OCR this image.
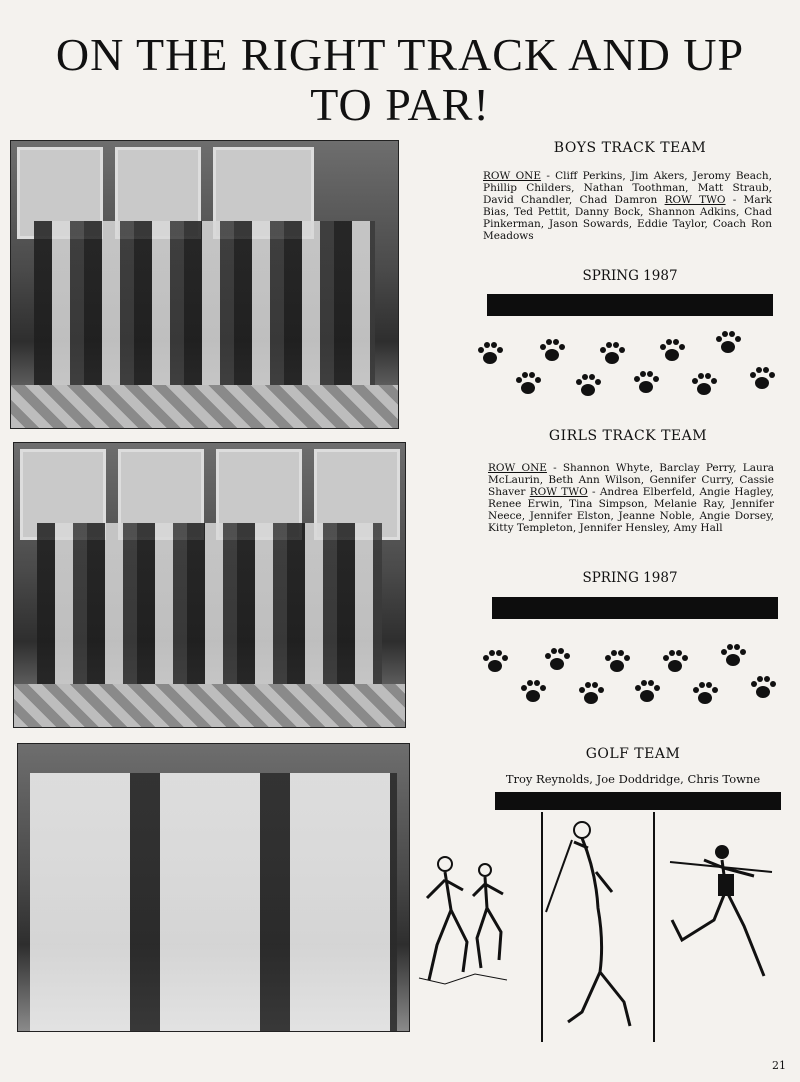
ON THE RIGHT TRACK AND UP
TO PAR!
BOYS TRACK TEAM

ROW ONE - Cliff Perkins, Jim Akers, Jeromy Beach, Phillip Childers, Nathan Toothman, Matt Straub, David Chandler, Chad Damron ROW TWO - Mark Bias, Ted Pettit, Danny Bock, Shannon Adkins, Chad Pinkerman, Jason Sowards, Eddie Taylor, Coach Ron Meadows

SPRING 1987
GIRLS TRACK TEAM

ROW ONE - Shannon Whyte, Barclay Perry, Laura McLaurin, Beth Ann Wilson, Gennifer Curry, Cassie Shaver ROW TWO - Andrea Elberfeld, Angie Hagley, Renee Erwin, Tina Simpson, Melanie Ray, Jennifer Neece, Jennifer Elston, Jeanne Noble, Angie Dorsey, Kitty Templeton, Jennifer Hensley, Amy Hall

SPRING 1987
GOLF TEAM
Troy Reynolds, Joe Doddridge, Chris Towne
21
